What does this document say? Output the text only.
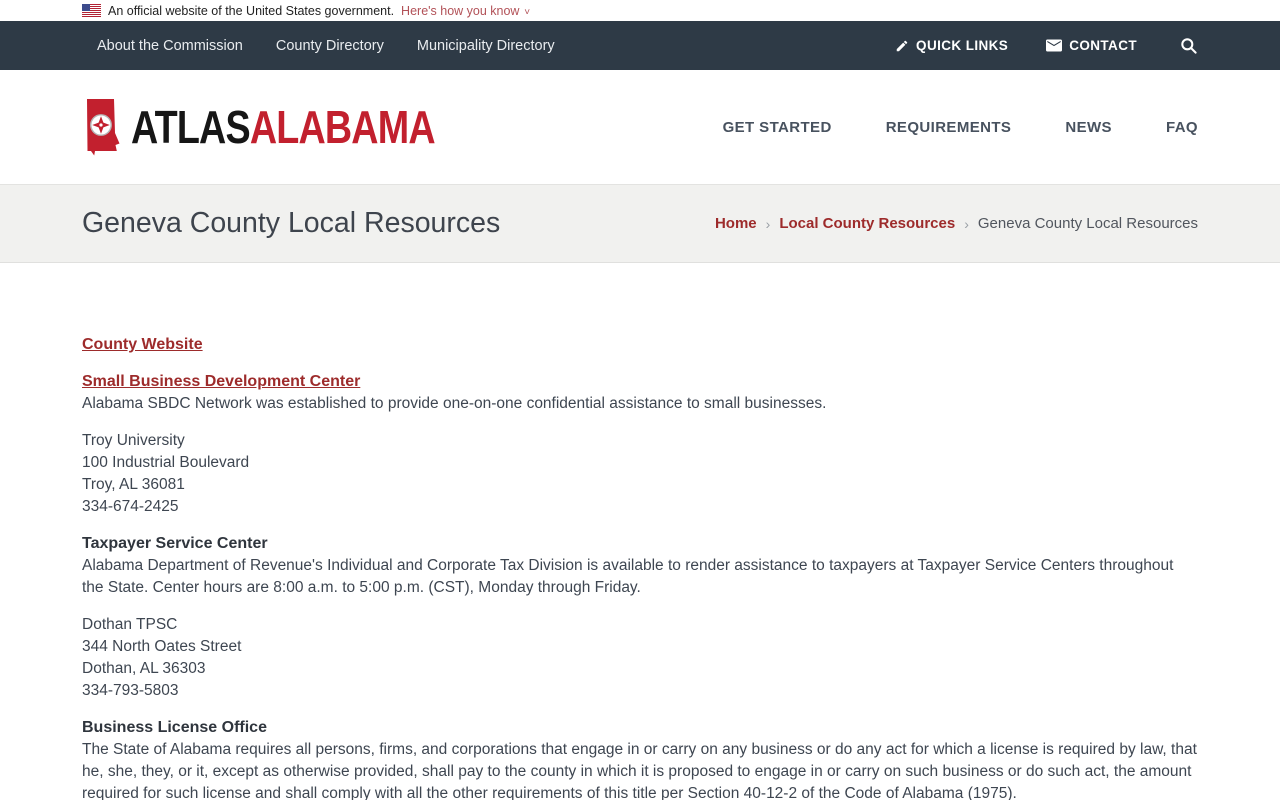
An official website of the United States government. Here's how you know ˅
About the Commission County Directory Municipality Directory	QUICK LINKS	CONTACT
ATLAS ALABAMA	GET STARTED	REQUIREMENTS	NEWS	FAQ
Geneva County Local Resources	Home › Local County Resources › Geneva County Local Resources

County Website

Small Business Development Center

Alabama SBDC Network was established to provide one-on-one confidential assistance to small businesses.

Troy University
100 Industrial Boulevard
Troy, AL 36081
334-674-2425

Taxpayer Service Center

Alabama Department of Revenue's Individual and Corporate Tax Division is available to render assistance to taxpayers at Taxpayer Service Centers throughout the State. Center hours are 8:00 a.m. to 5:00 p.m. (CST), Monday through Friday.

Dothan TPSC
344 North Oates Street
Dothan, AL 36303
334-793-5803

Business License Office

The State of Alabama requires all persons, firms, and corporations that engage in or carry on any business or do any act for which a license is required by law, that he, she, they, or it, except as otherwise provided, shall pay to the county in which it is proposed to engage in or carry on such business or do such act, the amount required for such license and shall comply with all the other requirements of this title per Section 40-12-2 of the Code of Alabama (1975).
